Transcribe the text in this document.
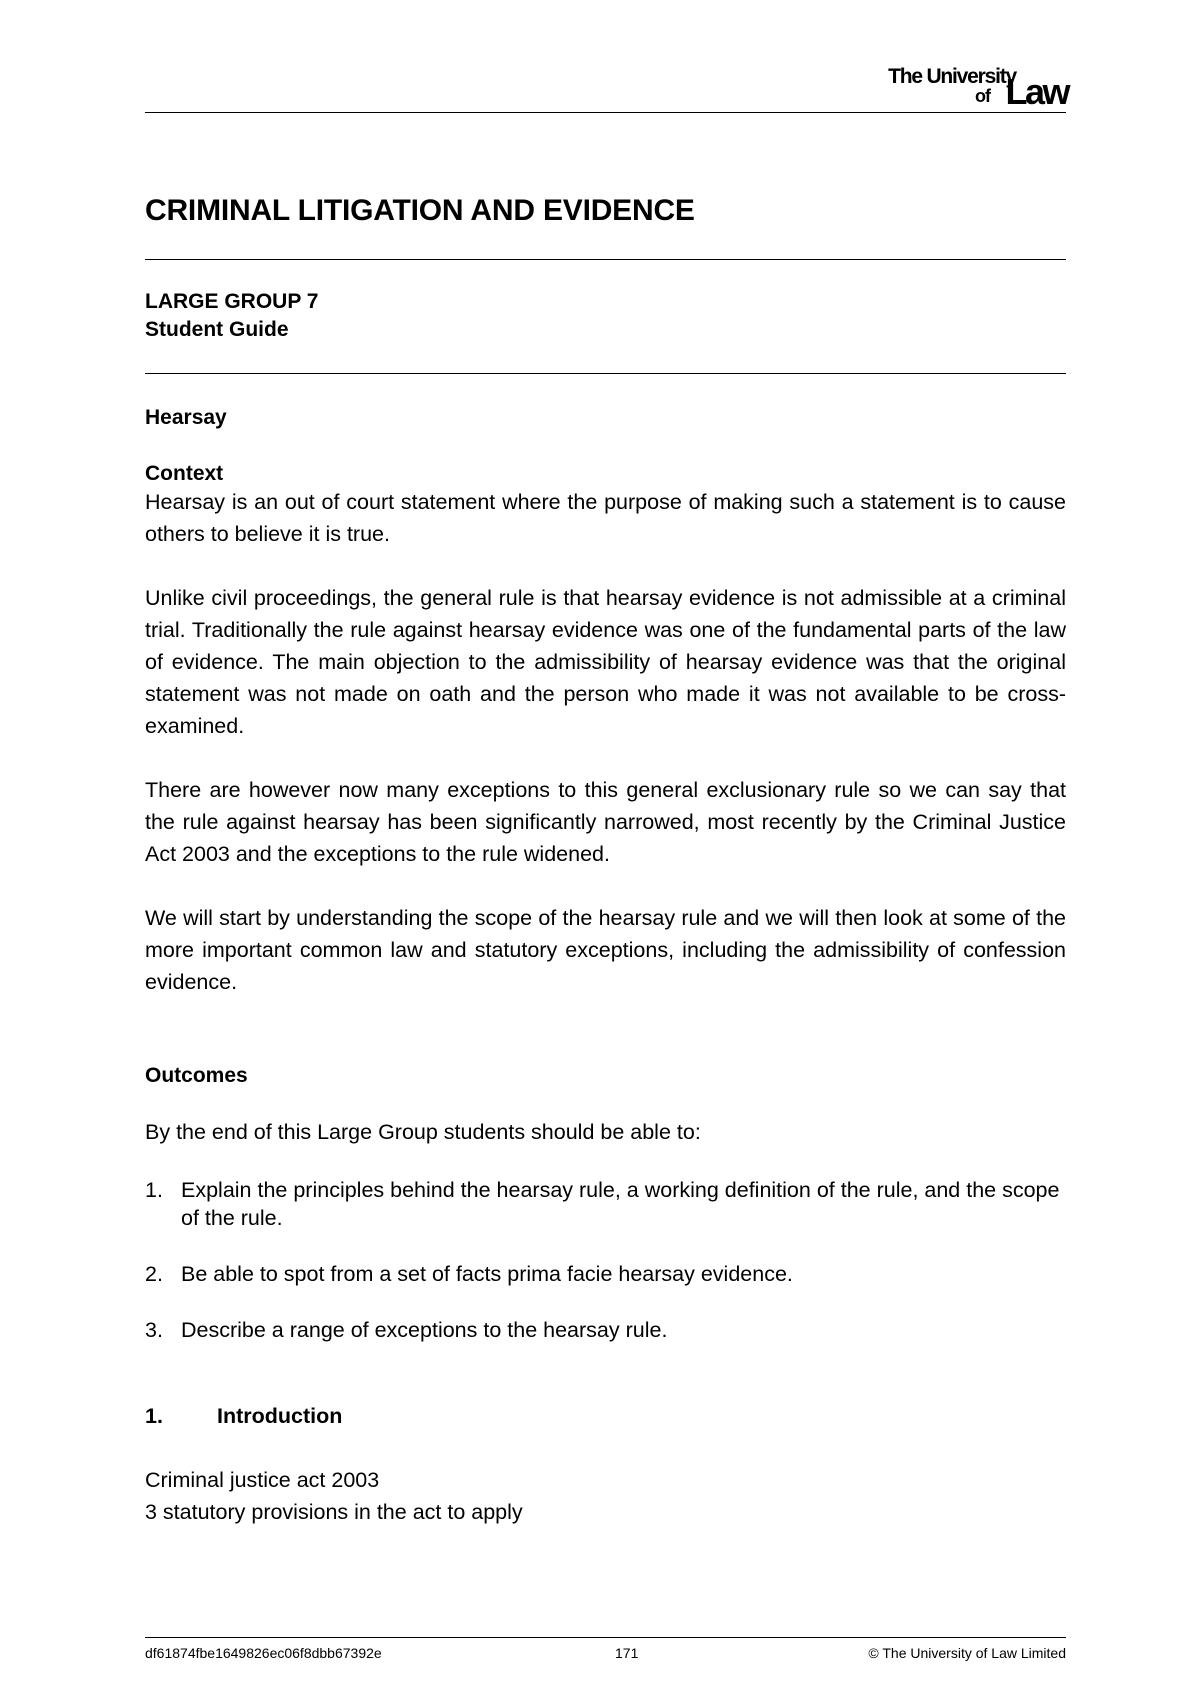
The University
of Law
CRIMINAL LITIGATION AND EVIDENCE
LARGE GROUP 7
Student Guide
Hearsay
Context
Hearsay is an out of court statement where the purpose of making such a statement is to cause others to believe it is true.
Unlike civil proceedings, the general rule is that hearsay evidence is not admissible at a criminal trial. Traditionally the rule against hearsay evidence was one of the fundamental parts of the law of evidence. The main objection to the admissibility of hearsay evidence was that the original statement was not made on oath and the person who made it was not available to be cross-examined.
There are however now many exceptions to this general exclusionary rule so we can say that the rule against hearsay has been significantly narrowed, most recently by the Criminal Justice Act 2003 and the exceptions to the rule widened.
We will start by understanding the scope of the hearsay rule and we will then look at some of the more important common law and statutory exceptions, including the admissibility of confession evidence.
Outcomes
By the end of this Large Group students should be able to:
1. Explain the principles behind the hearsay rule, a working definition of the rule, and the scope of the rule.
2. Be able to spot from a set of facts prima facie hearsay evidence.
3. Describe a range of exceptions to the hearsay rule.
1.	Introduction
Criminal justice act 2003
3 statutory provisions in the act to apply
df61874fbe1649826ec06f8dbb67392e	171	© The University of Law Limited
